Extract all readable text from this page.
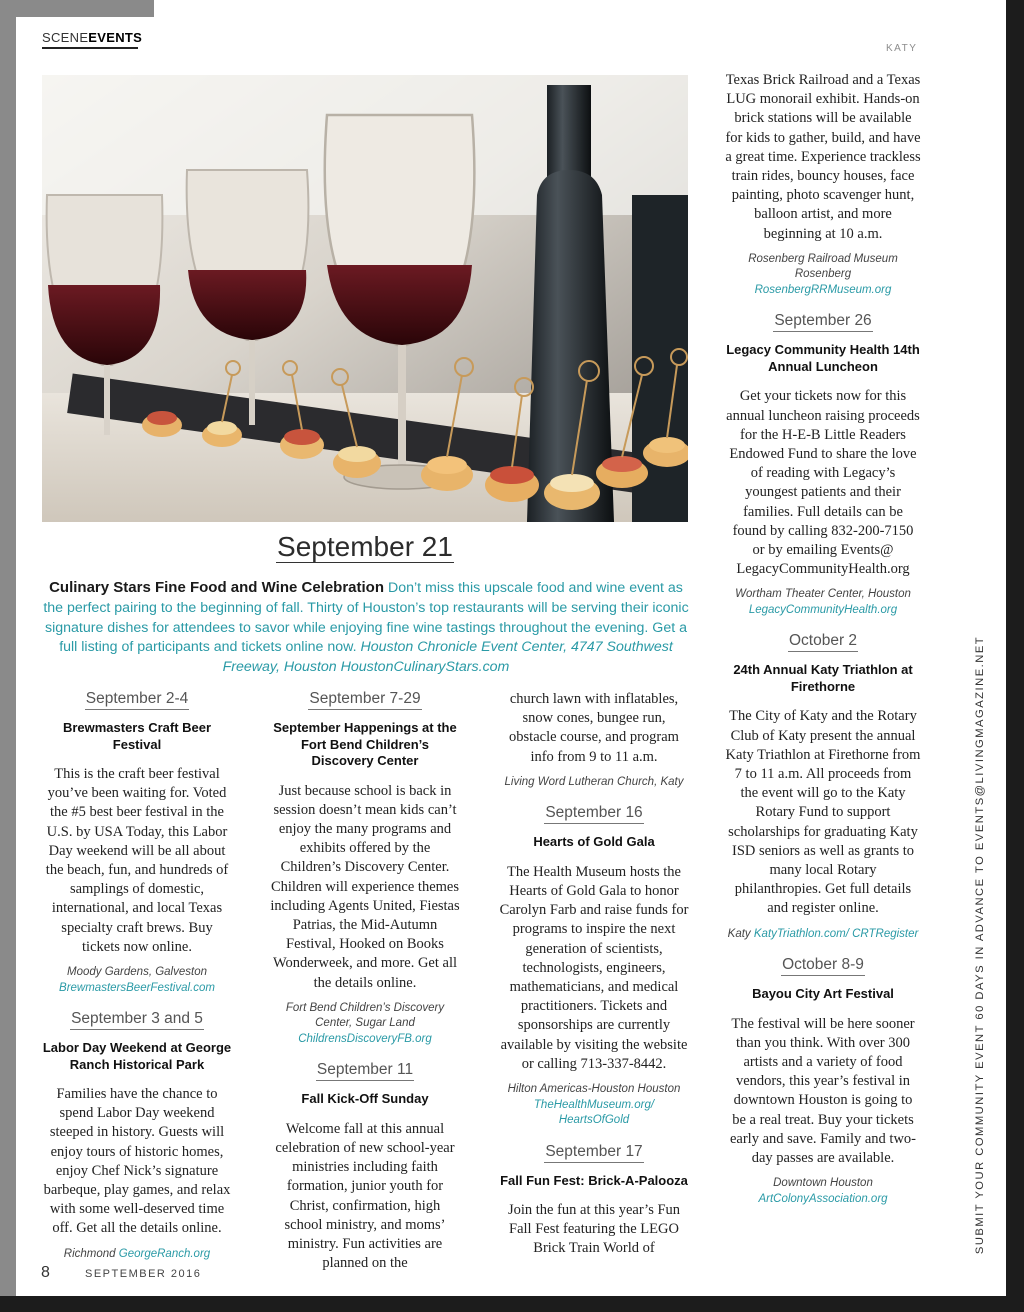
SCENEEVENTS
KATY
September 21
Culinary Stars Fine Food and Wine Celebration Don’t miss this upscale food and wine event as the perfect pairing to the beginning of fall. Thirty of Houston’s top restaurants will be serving their iconic signature dishes for attendees to savor while enjoying fine wine tastings throughout the evening. Get a full listing of participants and tickets online now. Houston Chronicle Event Center, 4747 Southwest Freeway, Houston HoustonCulinaryStars.com
September 2-4
Brewmasters Craft Beer Festival
This is the craft beer festival you’ve been waiting for. Voted the #5 best beer festival in the U.S. by USA Today, this Labor Day weekend will be all about the beach, fun, and hundreds of samplings of domestic, international, and local Texas specialty craft brews. Buy tickets now online.
Moody Gardens, Galveston
BrewmastersBeerFestival.com
September 3 and 5
Labor Day Weekend at George Ranch Historical Park
Families have the chance to spend Labor Day weekend steeped in history. Guests will enjoy tours of historic homes, enjoy Chef Nick’s signature barbeque, play games, and relax with some well-deserved time off. Get all the details online.
Richmond GeorgeRanch.org
September 7-29
September Happenings at the Fort Bend Children’s Discovery Center
Just because school is back in session doesn’t mean kids can’t enjoy the many programs and exhibits offered by the Children’s Discovery Center. Children will experience themes including Agents United, Fiestas Patrias, the Mid-Autumn Festival, Hooked on Books Wonderweek, and more. Get all the details online.
Fort Bend Children’s Discovery Center, Sugar Land
ChildrensDiscoveryFB.org
September 11
Fall Kick-Off Sunday
Welcome fall at this annual celebration of new school-year ministries including faith formation, junior youth for Christ, confirmation, high school ministry, and moms’ ministry. Fun activities are planned on the
church lawn with inflatables, snow cones, bungee run, obstacle course, and program info from 9 to 11 a.m.
Living Word Lutheran Church, Katy
September 16
Hearts of Gold Gala
The Health Museum hosts the Hearts of Gold Gala to honor Carolyn Farb and raise funds for programs to inspire the next generation of scientists, technologists, engineers, mathematicians, and medical practitioners. Tickets and sponsorships are currently available by visiting the website or calling 713-337-8442.
Hilton Americas-Houston Houston TheHealthMuseum.org/ HeartsOfGold
September 17
Fall Fun Fest: Brick-A-Palooza
Join the fun at this year’s Fun Fall Fest featuring the LEGO Brick Train World of
Texas Brick Railroad and a Texas LUG monorail exhibit. Hands-on brick stations will be available for kids to gather, build, and have a great time. Experience trackless train rides, bouncy houses, face painting, photo scavenger hunt, balloon artist, and more beginning at 10 a.m.
Rosenberg Railroad Museum Rosenberg RosenbergRRMuseum.org
September 26
Legacy Community Health 14th Annual Luncheon
Get your tickets now for this annual luncheon raising proceeds for the H-E-B Little Readers Endowed Fund to share the love of reading with Legacy’s youngest patients and their families. Full details can be found by calling 832-200-7150 or by emailing Events@ LegacyCommunityHealth.org
Wortham Theater Center, Houston
LegacyCommunityHealth.org
October 2
24th Annual Katy Triathlon at Firethorne
The City of Katy and the Rotary Club of Katy present the annual Katy Triathlon at Firethorne from 7 to 11 a.m. All proceeds from the event will go to the Katy Rotary Fund to support scholarships for graduating Katy ISD seniors as well as grants to many local Rotary philanthropies. Get full details and register online.
Katy KatyTriathlon.com/ CRTRegister
October 8-9
Bayou City Art Festival
The festival will be here sooner than you think. With over 300 artists and a variety of food vendors, this year’s festival in downtown Houston is going to be a real treat. Buy your tickets early and save. Family and two-day passes are available.
Downtown Houston
ArtColonyAssociation.org	SUBMIT YOUR COMMUNITY EVENT 60 DAYS IN ADVANCE TO EVENTS@LIVINGMAGAZINE.NET
8	SEPTEMBER 2016
